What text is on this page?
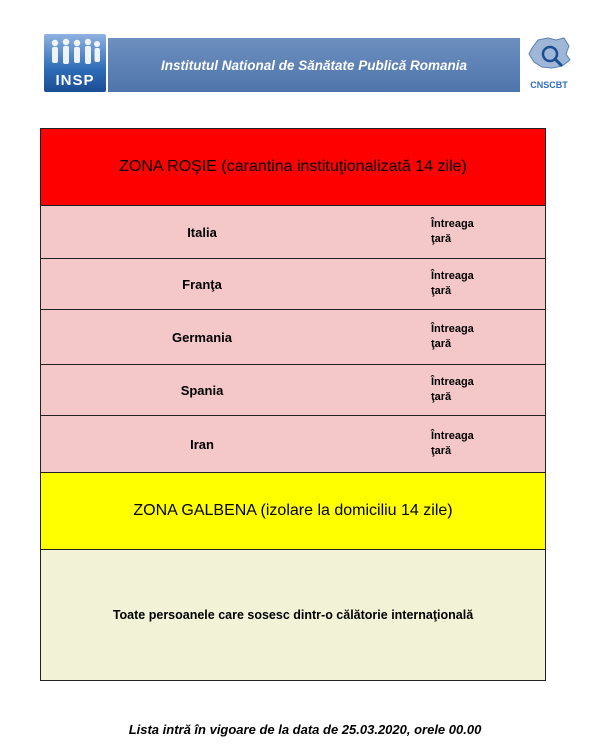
INSP
Institutul National de Sănătate Publică Romania
CNSCBT
ZONA ROŞIE (carantina instituţionalizată 14 zile)
Italia
Întreaga
ţară
Franţa
Întreaga
ţară
Germania
Întreaga
ţară
Spania
Întreaga
ţară
Iran
Întreaga
ţară
ZONA GALBENA (izolare la domiciliu 14 zile)
Toate persoanele care sosesc dintr-o călătorie internaţională
Lista intră în vigoare de la data de 25.03.2020, orele 00.00
